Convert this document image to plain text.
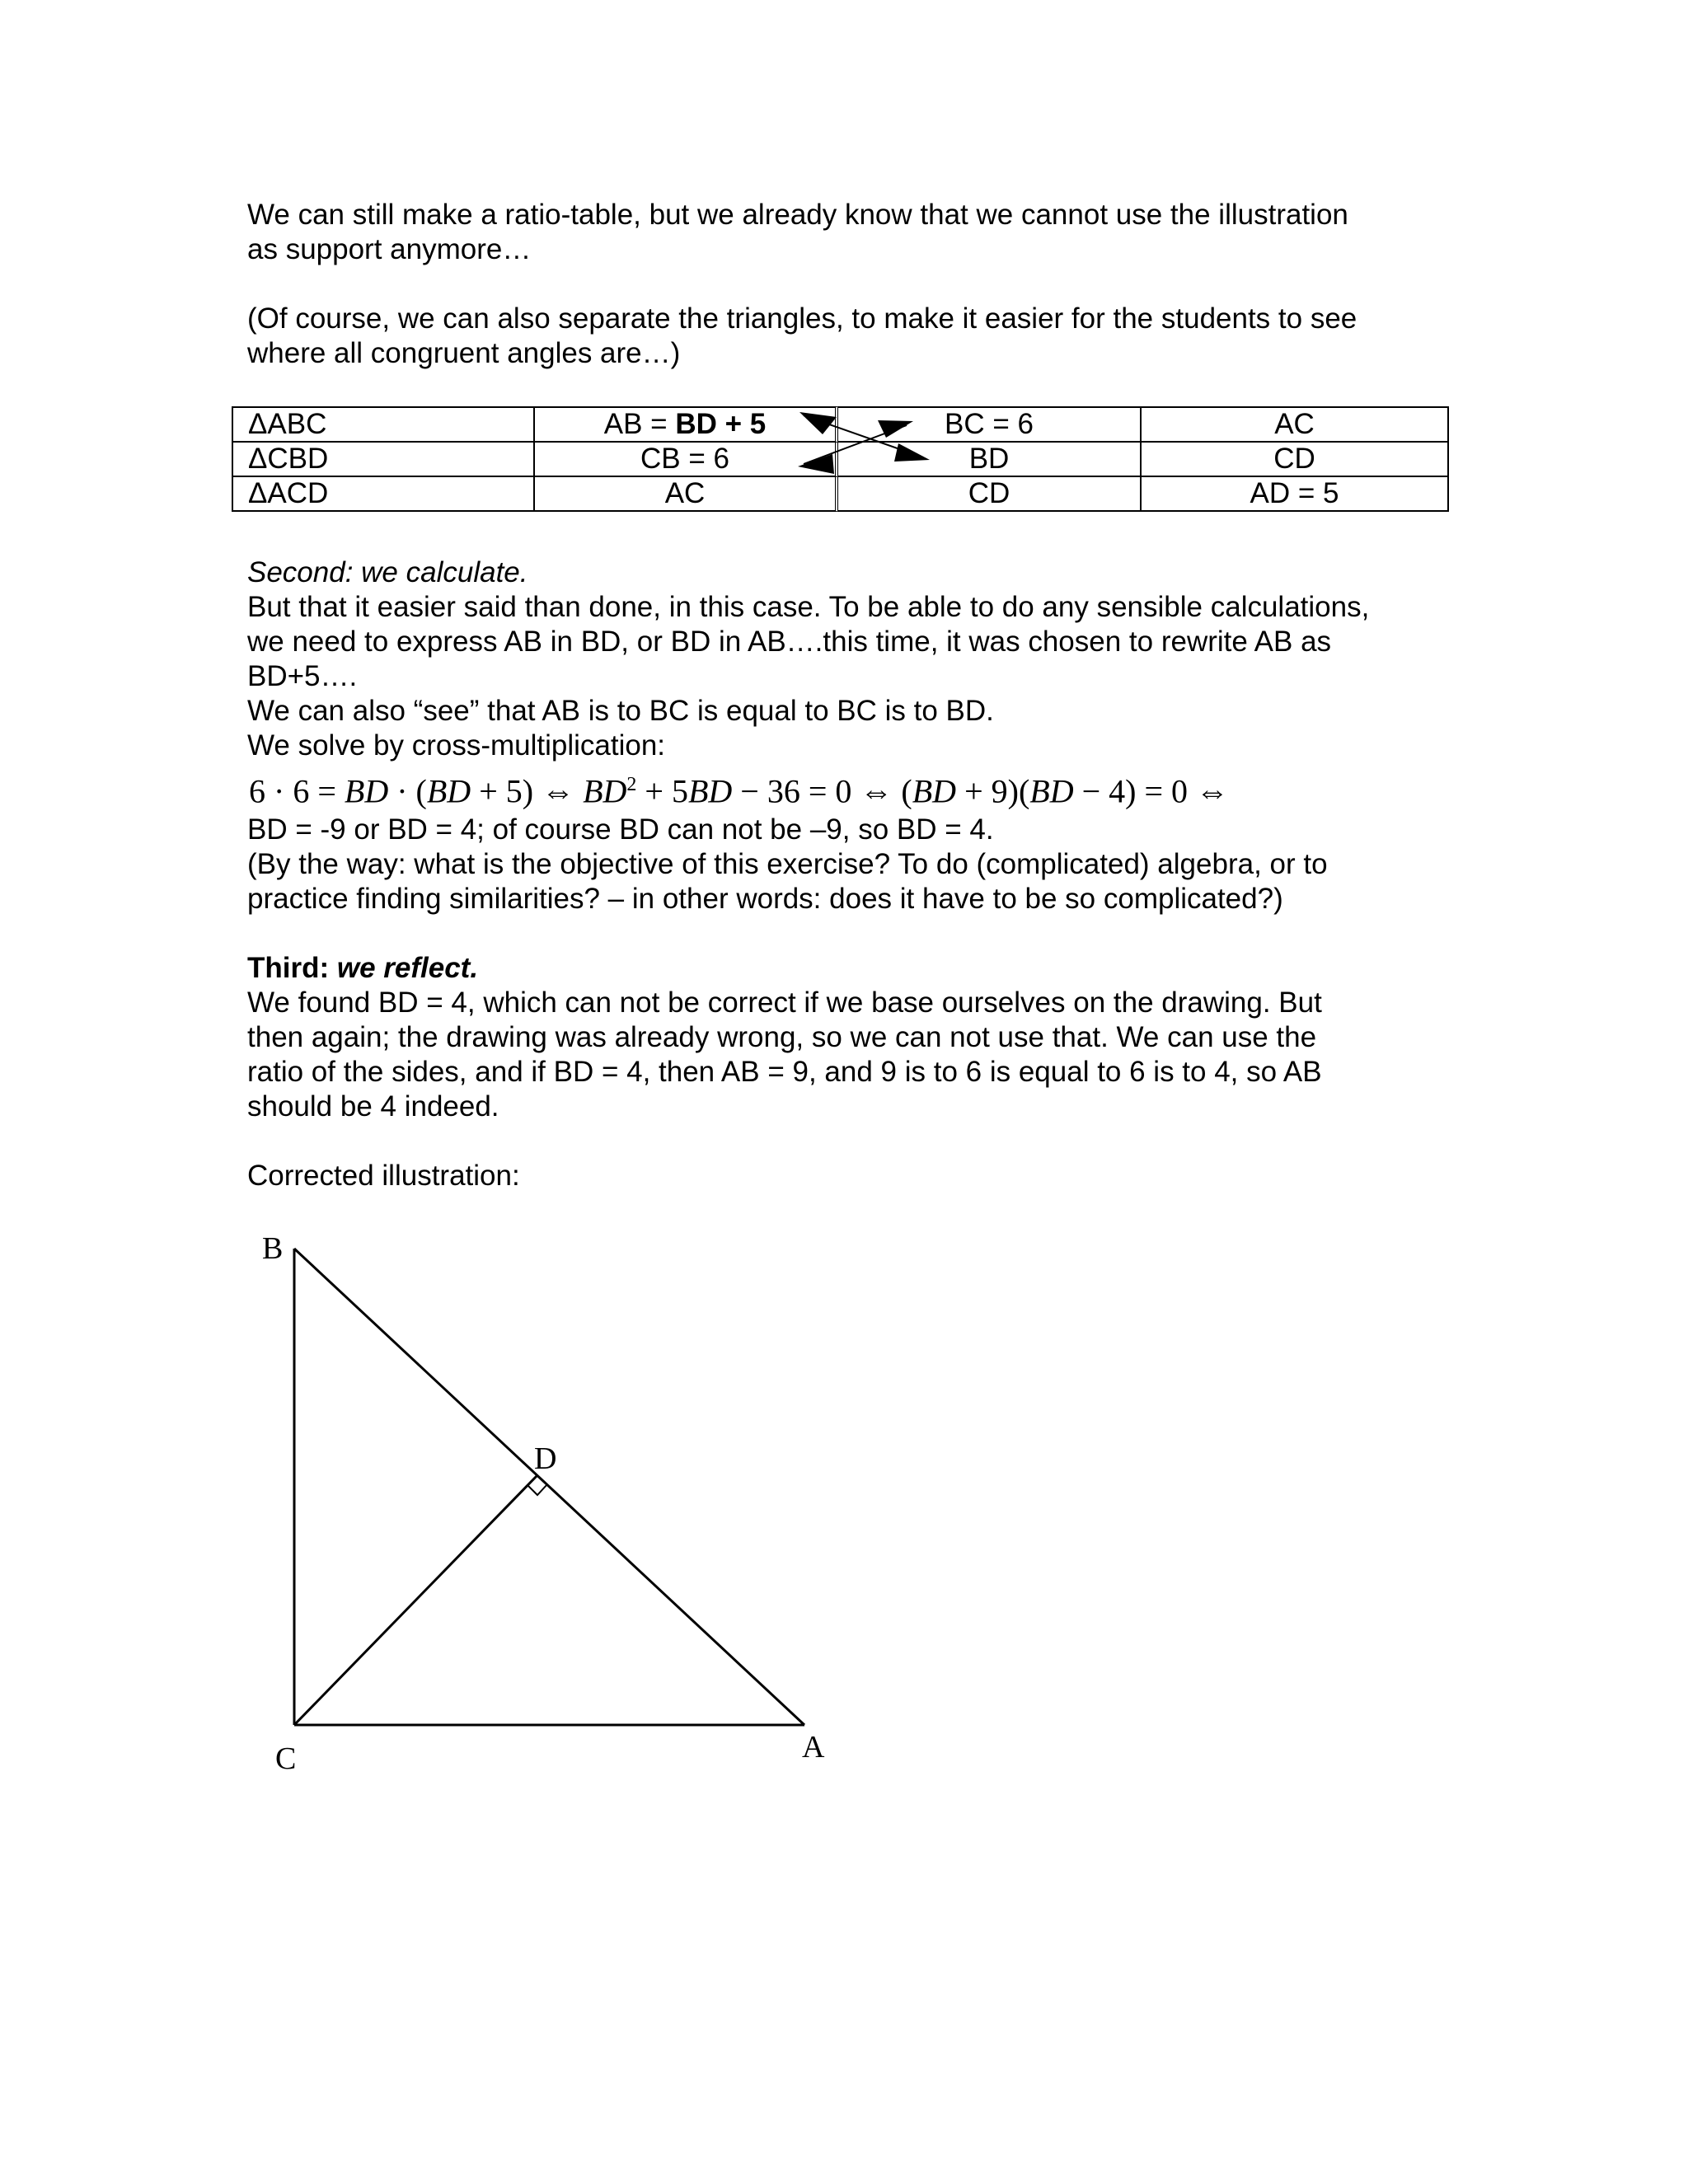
We can still make a ratio-table, but we already know that we cannot use the illustration

as support anymore…

(Of course, we can also separate the triangles, to make it easier for the students to see

where all congruent angles are…)

ΔABC	AB = BD + 5	BC = 6	AC
ΔCBD	CB = 6	BD	CD
ΔACD	AC	CD	AD = 5

Second: we calculate.

But that it easier said than done, in this case. To be able to do any sensible calculations,

we need to express AB in BD, or BD in AB….this time, it was chosen to rewrite AB as

BD+5….

We can also “see” that AB is to BC is equal to BC is to BD.

We solve by cross-multiplication:

6 · 6 = BD · (BD + 5) ⇔ $BD^2 + 5BD - 36 = 0$ ⇔ (BD + 9)(BD − 4) = 0 ⇔

BD = -9 or BD = 4; of course BD can not be –9, so BD = 4.

(By the way: what is the objective of this exercise? To do (complicated) algebra, or to

practice finding similarities? – in other words: does it have to be so complicated?)

Third: we reflect.

We found BD = 4, which can not be correct if we base ourselves on the drawing. But

then again; the drawing was already wrong, so we can not use that. We can use the

ratio of the sides, and if BD = 4, then AB = 9, and 9 is to 6 is equal to 6 is to 4, so AB

should be 4 indeed.

Corrected illustration:

B
D
C	A
